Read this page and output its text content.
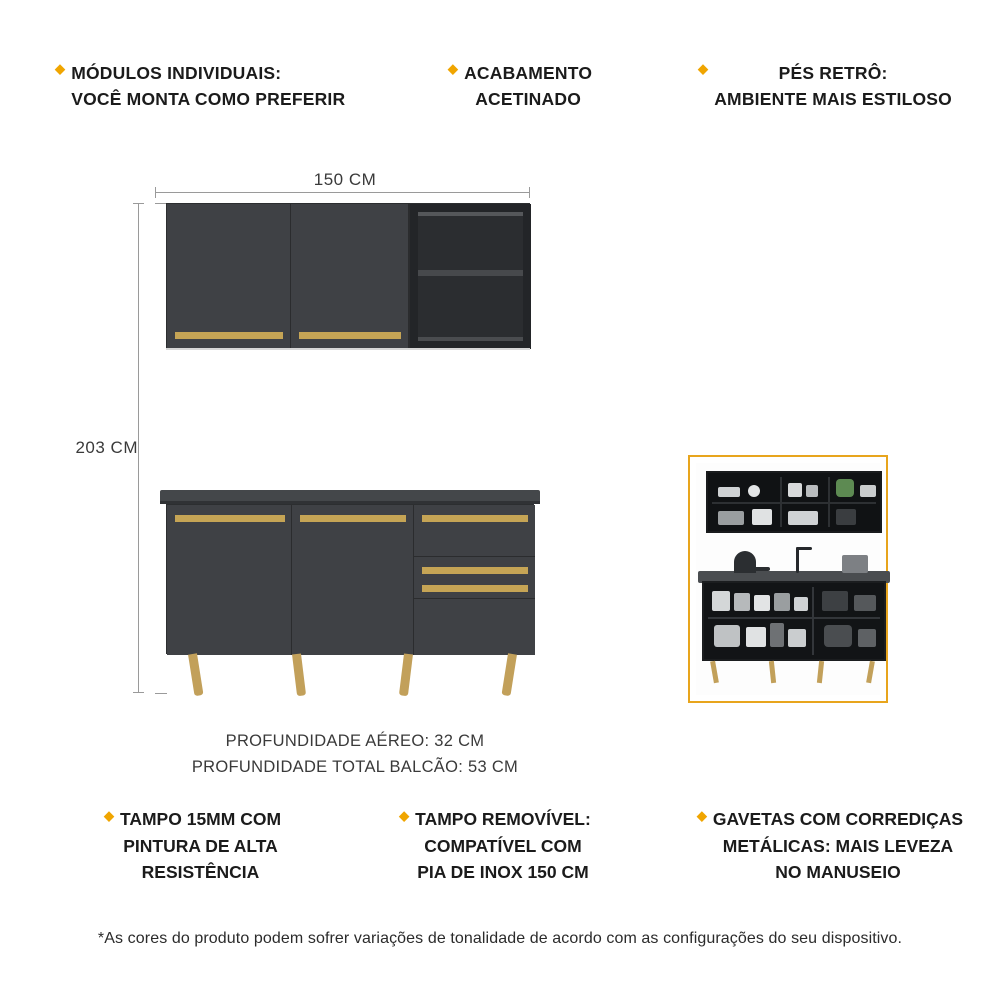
◆ MÓDULOS INDIVIDUAIS:
VOCÊ MONTA COMO PREFERIR
◆ ACABAMENTO
ACETINADO
◆	PÉS RETRÔ:
AMBIENTE MAIS ESTILOSO
150 CM
203 CM
PROFUNDIDADE AÉREO: 32 CM
PROFUNDIDADE TOTAL BALCÃO: 53 CM
◆ TAMPO 15MM COM
PINTURA DE ALTA
RESISTÊNCIA
◆ TAMPO REMOVÍVEL:
COMPATÍVEL COM
PIA DE INOX 150 CM
◆ GAVETAS COM CORREDIÇAS
METÁLICAS: MAIS LEVEZA
NO MANUSEIO
*As cores do produto podem sofrer variações de tonalidade de acordo com as configurações do seu dispositivo.
